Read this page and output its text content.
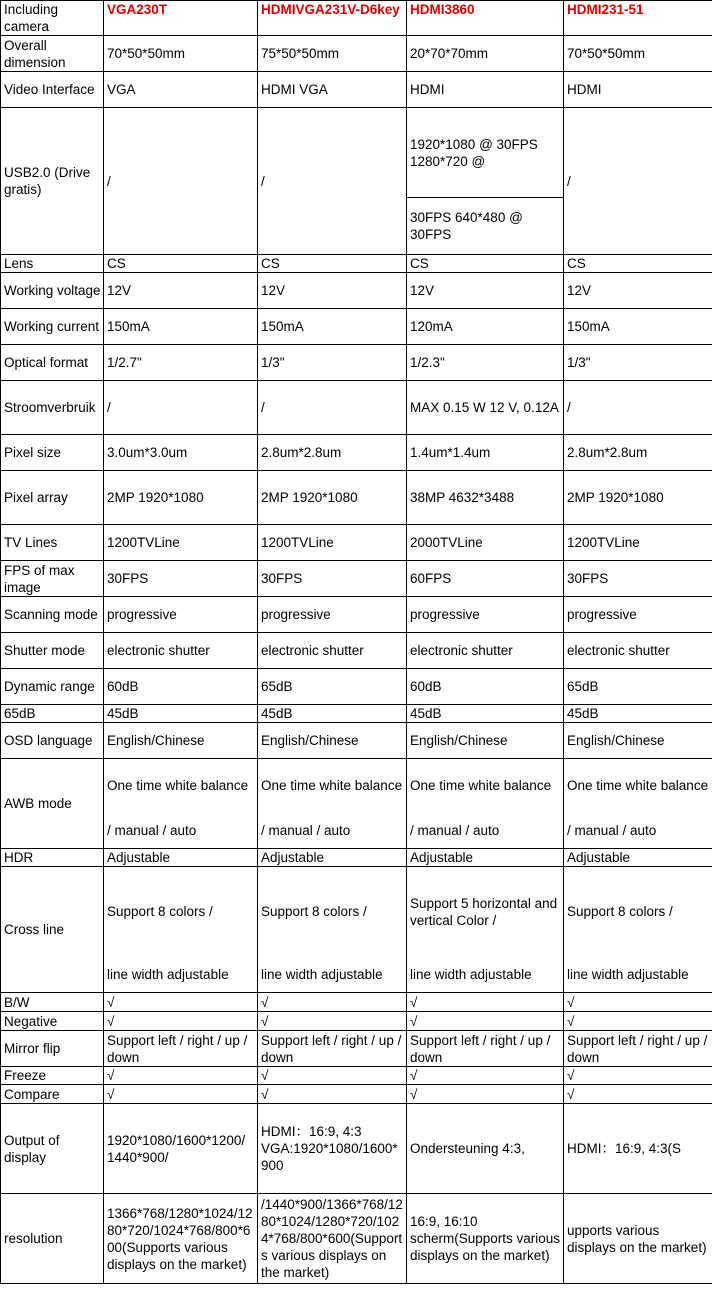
Including camera	VGA230T	HDMIVGA231V-D6key	HDMI3860	HDMI231-51
Overall dimension	70*50*50mm	75*50*50mm	20*70*70mm	70*50*50mm
Video Interface	VGA	HDMI VGA	HDMI	HDMI
USB2.0 (Drive gratis)	/	/	1920*1080 @ 30FPS 1280*720 @	/
			30FPS 640*480 @ 30FPS	
Lens	CS	CS	CS	CS
Working voltage	12V	12V	12V	12V
Working current	150mA	150mA	120mA	150mA
Optical format	1/2.7"	1/3"	1/2.3"	1/3"
Stroomverbruik	/	/	MAX 0.15 W 12 V, 0.12A	/
Pixel size	3.0um*3.0um	2.8um*2.8um	1.4um*1.4um	2.8um*2.8um
Pixel array	2MP 1920*1080	2MP 1920*1080	38MP 4632*3488	2MP 1920*1080
TV Lines	1200TVLine	1200TVLine	2000TVLine	1200TVLine
FPS of max image	30FPS	30FPS	60FPS	30FPS
Scanning mode	progressive	progressive	progressive	progressive
Shutter mode	electronic shutter	electronic shutter	electronic shutter	electronic shutter
Dynamic range	60dB	65dB	60dB	65dB
65dB	45dB	45dB	45dB	45dB
OSD language	English/Chinese	English/Chinese	English/Chinese	English/Chinese
AWB mode	One time white balance	One time white balance	One time white balance	One time white balance
	/ manual / auto	/ manual / auto	/ manual / auto	/ manual / auto
HDR	Adjustable	Adjustable	Adjustable	Adjustable
Cross line	Support 8 colors /	Support 8 colors /	Support 5 horizontal and vertical Color /	Support 8 colors /
	line width adjustable	line width adjustable	line width adjustable	line width adjustable
B/W	√	√	√	√
Negative	√	√	√	√
Mirror flip	Support left / right / up / down	Support left / right / up / down	Support left / right / up / down	Support left / right / up / down
Freeze	√	√	√	√
Compare	√	√	√	√
Output of display	1920*1080/1600*1200/ 1440*900/	HDMI：16:9, 4:3 VGA:1920*1080/1600*900	Ondersteuning 4:3,	HDMI：16:9, 4:3(S
resolution	1366*768/1280*1024/1280*720/1024*768/800*600(Supports various displays on the market)	/1440*900/1366*768/1280*1024/1280*720/1024*768/800*600(Supports various displays on the market)	16:9, 16:10 scherm(Supports various displays on the market)	upports various displays on the market)
